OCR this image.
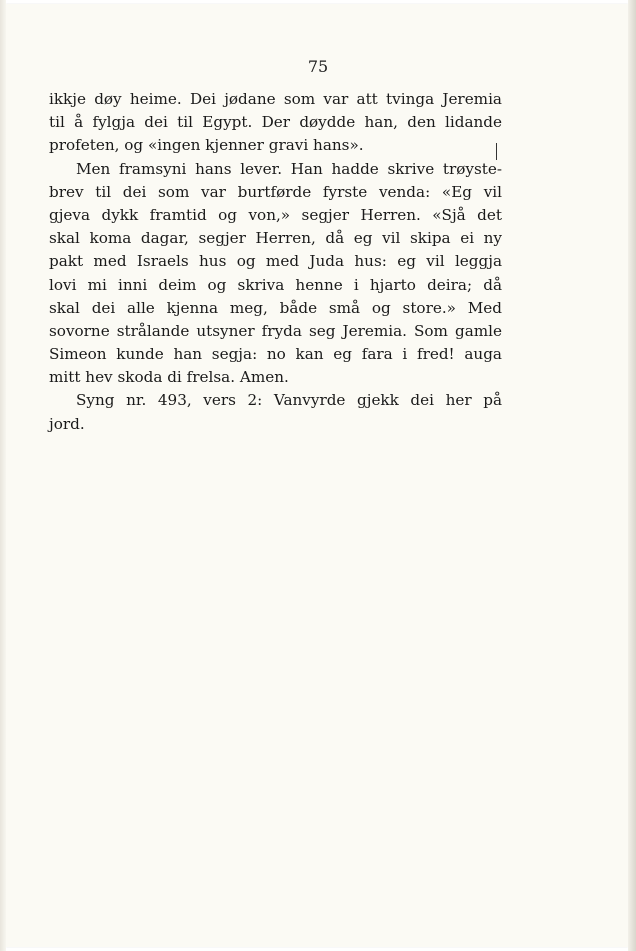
75
ikkje døy heime. Dei jødane som var att tvinga Jeremia
til å fylgja dei til Egypt. Der døydde han, den lidande
profeten, og «ingen kjenner gravi hans».
Men framsyni hans lever. Han hadde skrive trøyste-
brev til dei som var burtførde fyrste venda: «Eg vil
gjeva dykk framtid og von,» segjer Herren. «Sjå det
skal koma dagar, segjer Herren, då eg vil skipa ei ny
pakt med Israels hus og med Juda hus: eg vil leggja
lovi mi inni deim og skriva henne i hjarto deira; då
skal dei alle kjenna meg, både små og store.» Med
sovorne strålande utsyner fryda seg Jeremia. Som gamle
Simeon kunde han segja: no kan eg fara i fred! auga
mitt hev skoda di frelsa. Amen.
Syng nr. 493, vers 2: Vanvyrde gjekk dei her på
jord.
